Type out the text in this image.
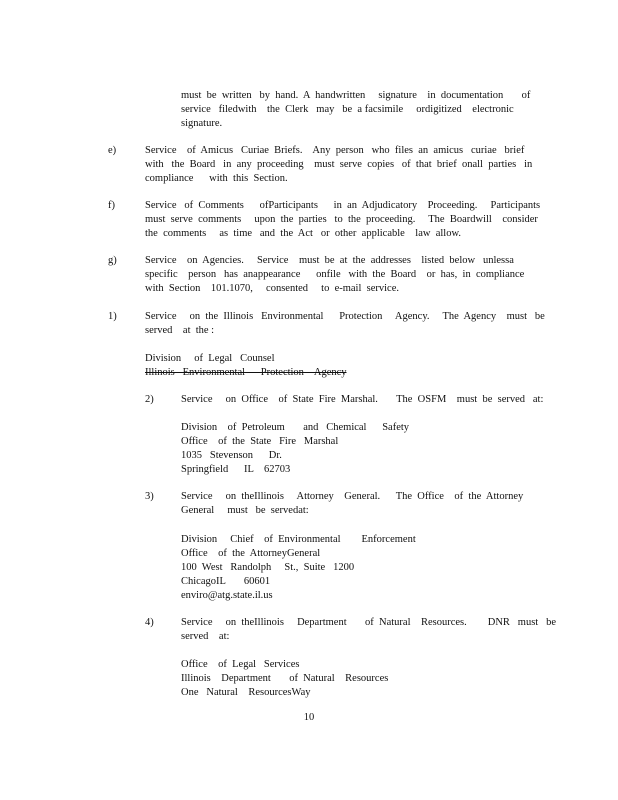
must  be  written   by  hand.  A  handwritten     signature    in  documentation       of
service   filedwith    the  Clerk   may   be  a facsimile     ordigitized    electronic
signature.
e)	Service    of  Amicus   Curiae  Briefs.    Any  person   who  files  an  amicus   curiae   brief
with   the  Board   in  any  proceeding    must  serve  copies   of  that  brief  onall  parties   in
compliance      with  this  Section.
f)	Service   of  Comments      ofParticipants      in  an  Adjudicatory    Proceeding.     Participants
must  serve  comments     upon  the  parties   to  the  proceeding.     The  Boardwill    consider
the  comments     as  time   and  the  Act   or  other  applicable    law  allow.
g)	Service    on  Agencies.     Service    must  be  at  the  addresses    listed  below   unlessa
specific    person   has  anappearance      onfile   with  the  Board    or  has,  in  compliance
with  Section    101.1070,     consented     to  e-mail  service.
1)	Service     on  the  Illinois   Environmental      Protection     Agency.     The  Agency    must   be
served    at  the :
Division     of  Legal   Counsel
Illinois   Environmental      Protection    Agency
2)	Service     on  Office    of  State  Fire  Marshal.       The  OSFM    must  be  served   at:
Division    of  Petroleum       and   Chemical      Safety
Office    of  the  State   Fire   Marshal
1035   Stevenson      Dr.
Springfield      IL    62703
3)	Service     on  theIllinois     Attorney    General.      The  Office    of  the  Attorney
General     must   be  servedat:
Division     Chief    of  Environmental        Enforcement
Office    of  the  AttorneyGeneral
100  West   Randolph     St.,  Suite   1200
ChicagoIL       60601
enviro@atg.state.il.us
4)	Service     on  theIllinois     Department       of  Natural    Resources.        DNR   must   be
served    at:
Office    of  Legal   Services
Illinois    Department       of  Natural    Resources
One   Natural    ResourcesWay
10
